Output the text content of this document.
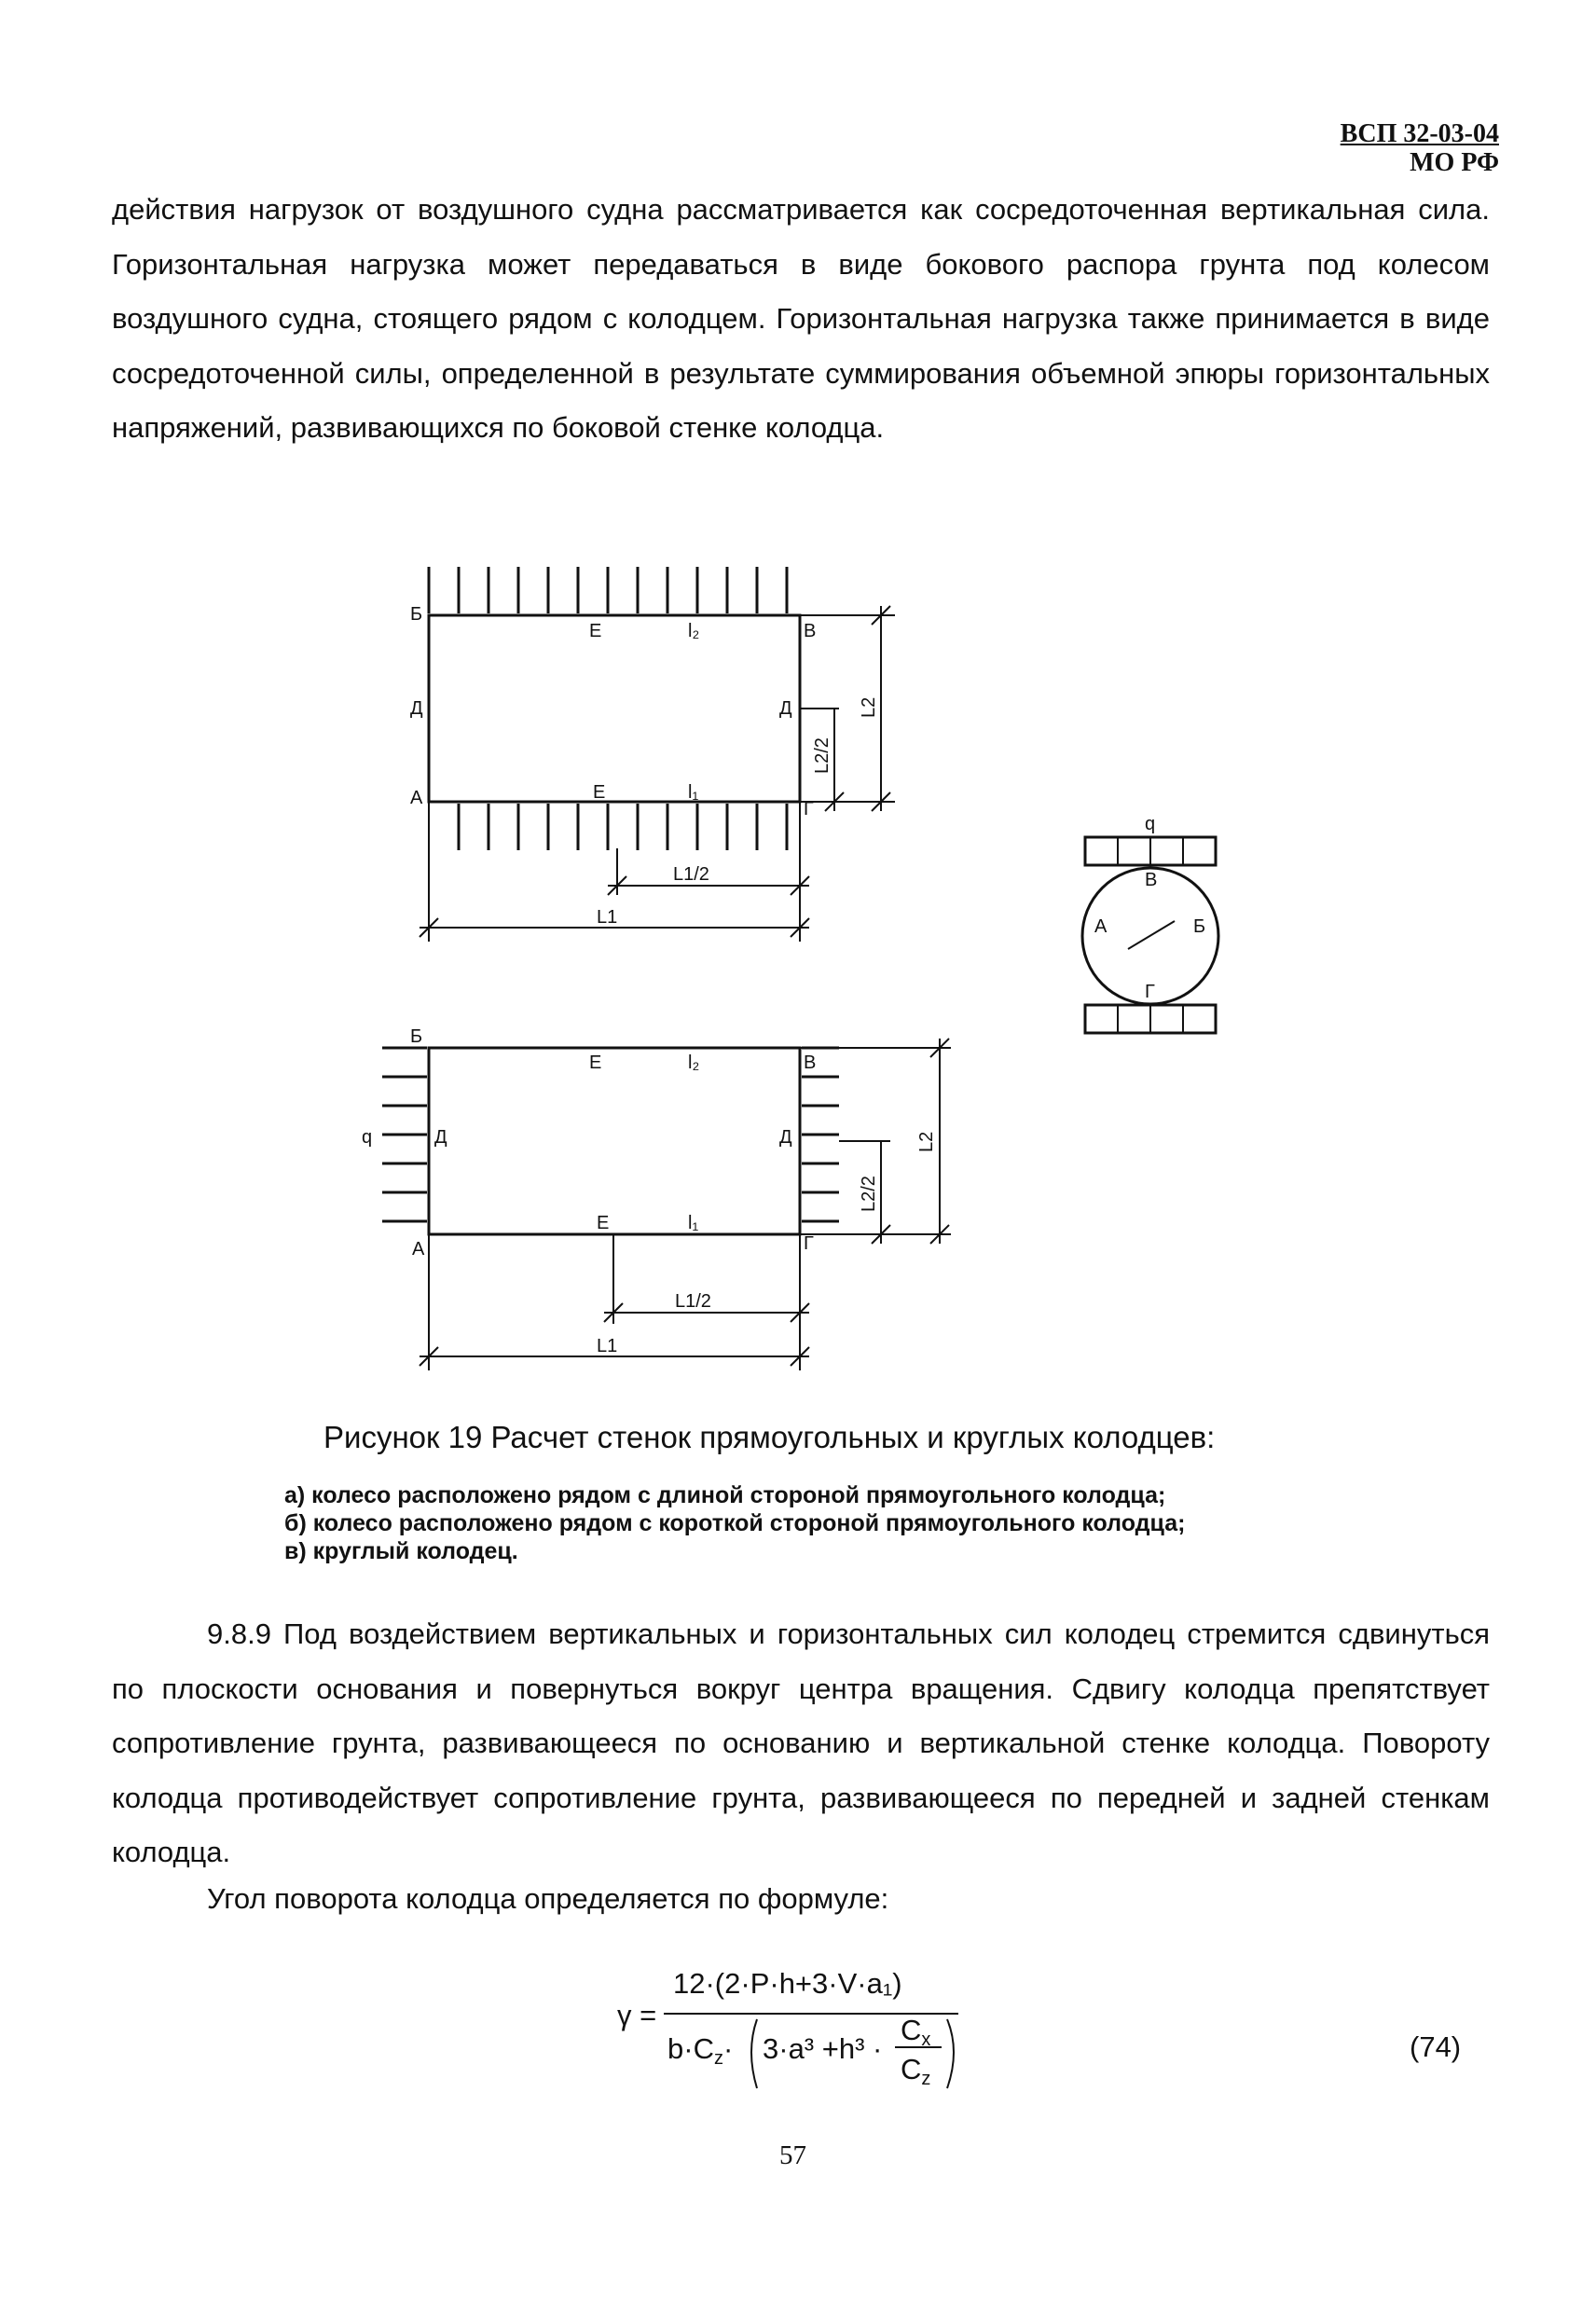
ВСП 32-03-04
МО РФ
действия нагрузок от воздушного судна рассматривается как сосредоточенная вертикальная сила. Горизонтальная нагрузка может передаваться в виде бокового распора грунта под колесом воздушного судна, стоящего рядом с колодцем. Горизонтальная нагрузка также принимается в виде сосредоточенной силы, определенной в результате суммирования объемной эпюры горизонтальных напряжений, развивающихся по боковой стенке колодца.
Б
Е	l₂	В
Д	Д
А	Е	l₁
Г
L1/2
L1
L2/2
L2
q
В
А	Б
Г
Б
Е	l₂	В
q	Д	Д
А
Е	l₁
Г
L1/2
L1
L2/2
L2
Рисунок 19 Расчет стенок прямоугольных и круглых колодцев:
а) колесо расположено рядом с длиной стороной прямоугольного колодца;
б) колесо расположено рядом с короткой стороной прямоугольного колодца;
в) круглый колодец.
9.8.9 Под воздействием вертикальных и горизонтальных сил колодец стремится сдвинуться по плоскости основания и повернуться вокруг центра вращения. Сдвигу колодца препятствует сопротивление грунта, развивающееся по основанию и вертикальной стенке колодца. Повороту колодца противодействует сопротивление грунта, развивающееся по передней и задней стенкам колодца.
Угол поворота колодца определяется по формуле:
γ =
12·(2·P·h+3·V·a₁)
b·Cz· 3·a³ +h³ ·
Cx
Cz
(74)
57
